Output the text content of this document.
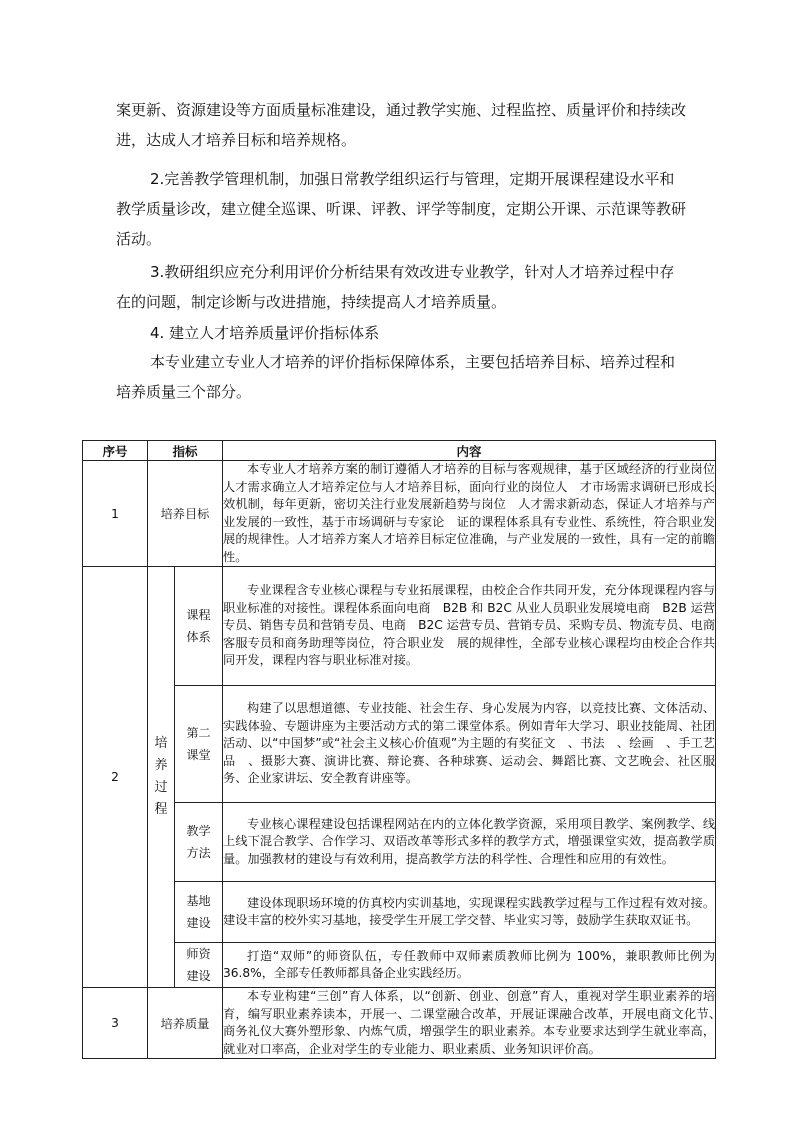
案更新、资源建设等方面质量标准建设，通过教学实施、过程监控、质量评价和持续改进，达成人才培养目标和培养规格。

2.完善教学管理机制，加强日常教学组织运行与管理，定期开展课程建设水平和教学质量诊改，建立健全巡课、听课、评教、评学等制度，定期公开课、示范课等教研活动。

3.教研组织应充分利用评价分析结果有效改进专业教学，针对人才培养过程中存在的问题，制定诊断与改进措施，持续提高人才培养质量。

4. 建立人才培养质量评价指标体系

本专业建立专业人才培养的评价指标保障体系，主要包括培养目标、培养过程和培养质量三个部分。

序号	指标		内容
1	培养目标		本专业人才培养方案的制订遵循人才培养的目标与客观规律，基于区域经济的行业岗位人才需求确立人才培养定位与人才培养目标，面向行业的岗位人　才市场需求调研已形成长效机制，每年更新，密切关注行业发展新趋势与岗位　人才需求新动态，保证人才培养与产业发展的一致性，基于市场调研与专家论　证的课程体系具有专业性、系统性，符合职业发展的规律性。人才培养方案人才培养目标定位准确，与产业发展的一致性，具有一定的前瞻性。
2	培养过程	课程体系	专业课程含专业核心课程与专业拓展课程，由校企合作共同开发，充分体现课程内容与职业标准的对接性。课程体系面向电商　B2B 和 B2C 从业人员职业发展境电商　B2B 运营专员、销售专员和营销专员、电商　B2C 运营专员、营销专员、采购专员、物流专员、电商客服专员和商务助理等岗位，符合职业发　展的规律性，全部专业核心课程均由校企合作共同开发，课程内容与职业标准对接。

		第二课堂	构建了以思想道德、专业技能、社会生存、身心发展为内容，以竞技比赛、文体活动、实践体验、专题讲座为主要活动方式的第二课堂体系。例如青年大学习、职业技能周、社团活动、以“中国梦”或“社会主义核心价值观”为主题的有奖征文　、书法　、绘画　、手工艺品　、摄影大赛、演讲比赛、辩论赛、各种球赛、运动会、舞蹈比赛、文艺晚会、社区服务、企业家讲坛、安全教育讲座等。

		教学方法	专业核心课程建设包括课程网站在内的立体化教学资源，采用项目教学、案例教学、线上线下混合教学、合作学习、双语改革等形式多样的教学方式，增强课堂实效，提高教学质量。加强教材的建设与有效利用，提高教学方法的科学性、合理性和应用的有效性。

		基地建设	建设体现职场环境的仿真校内实训基地，实现课程实践教学过程与工作过程有效对接。建设丰富的校外实习基地，接受学生开展工学交替、毕业实习等，鼓励学生获取双证书。

		师资建设	打造“双师”的师资队伍，专任教师中双师素质教师比例为 100%，兼职教师比例为 36.8%，全部专任教师都具备企业实践经历。
3	培养质量		本专业构建“三创”育人体系，以“创新、创业、创意”育人，重视对学生职业素养的培育，编写职业素养读本，开展一、二课堂融合改革，开展证课融合改革，开展电商文化节、　商务礼仪大赛外塑形象、内炼气质，增强学生的职业素养。本专业要求达到学生就业率高，就业对口率高，企业对学生的专业能力、职业素质、业务知识评价高。
